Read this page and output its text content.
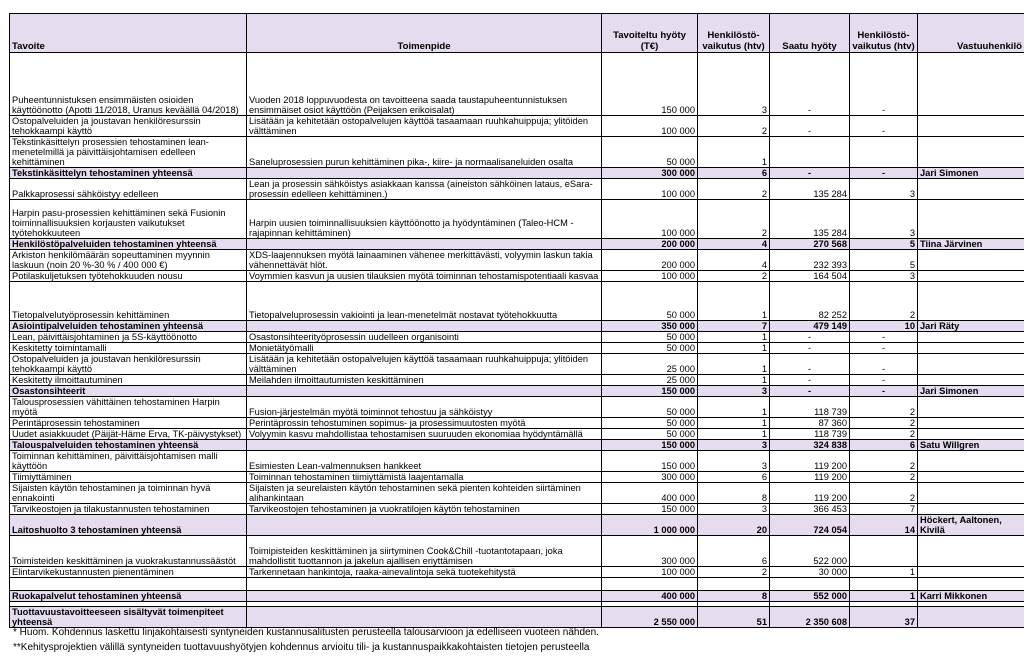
Tavoite	Toimenpide	Tavoiteltu hyöty (T€)	Henkilöstö-vaikutus (htv)	Saatu hyöty	Henkilöstö-vaikutus (htv)	Vastuuhenkilö
Puheentunnistuksen ensimmäisten osioiden käyttöönotto (Apotti 11/2018, Uranus keväällä 04/2018)	Vuoden 2018 loppuvuodesta on tavoitteena saada taustapuheentunnistuksen ensimmäiset osiot käyttöön (Peijaksen erikoisalat)	150 000	3	-	-	
Ostopalveluiden ja joustavan henkilöresurssin tehokkaampi käyttö	Lisätään ja kehitetään ostopalvelujen käyttöä tasaamaan ruuhkahuippuja; ylitöiden välttäminen	100 000	2	-	-	
Tekstinkäsittelyn prosessien tehostaminen lean-menetelmillä ja päivittäisjohtamisen edelleen kehittäminen	Saneluprosessien purun kehittäminen pika-, kiire- ja normaalisaneluiden osalta	50 000	1			
Tekstinkäsittelyn tehostaminen yhteensä		300 000	6	-	-	Jari Simonen
Palkkaprosessi sähköistyy edelleen	Lean ja prosessin sähköistys asiakkaan kanssa (aineiston sähköinen lataus, eSara-prosessin edelleen kehittäminen.)	100 000	2	135 284	3	
Harpin pasu-prosessien kehittäminen sekä Fusionin toiminnallisuuksien korjausten vaikutukset työtehokkuuteen	Harpin uusien toiminnallisuuksien käyttöönotto ja hyödyntäminen (Taleo-HCM -rajapinnan kehittäminen)	100 000	2	135 284	3	
Henkilöstöpalveluiden tehostaminen yhteensä		200 000	4	270 568	5	Tiina Järvinen
Arkiston henkilömäärän sopeuttaminen myynnin laskuun (noin 20 %-30 % / 400 000 €)	XDS-laajennuksen myötä lainaaminen vähenee merkittävästi, volyymin laskun takia vähennettävät hlöt.	200 000	4	232 393	5	
Potilaskuljetuksen työtehokkuuden nousu	Voymmien kasvun ja uusien tilauksien myötä toiminnan tehostamispotentiaali kasvaa	100 000	2	164 504	3	
Tietopalvelutyöprosessin kehittäminen	Tietopalveluprosessin vakiointi ja lean-menetelmät nostavat työtehokkuutta	50 000	1	82 252	2	
Asiointipalveluiden tehostaminen yhteensä		350 000	7	479 149	10	Jari Räty
Lean, päivittäisjohtaminen ja 5S-käyttöönotto	Osastonsihteerityöprosessin uudelleen organisointi	50 000	1	-	-	
Keskitetty toimintamalli	Monietätyömalli	50 000	1	-	-	
Ostopalveluiden ja joustavan henkilöresurssin tehokkaampi käyttö	Lisätään ja kehitetään ostopalvelujen käyttöä tasaamaan ruuhkahuippuja; ylitöiden välttäminen	25 000	1	-	-	
Keskitetty ilmoittautuminen	Meilahden ilmoittautumisten keskittäminen	25 000	1	-	-	
Osastonsihteerit		150 000	3	-	-	Jari Simonen
Talousprosessien vähittäinen tehostaminen Harpin myötä	Fusion-järjestelmän myötä toiminnot tehostuu ja sähköistyy	50 000	1	118 739	2	
Perintäprosessin tehostaminen	Perintäprossin tehostuminen sopimus- ja prosessimuutosten myötä	50 000	1	87 360	2	
Uudet asiakkuudet (Päijät-Häme Erva, TK-päivystykset)	Volyymin kasvu mahdollistaa tehostamisen suuruuden ekonomiaa hyödyntämällä	50 000	1	118 739	2	
Talouspalveluiden tehostaminen yhteensä		150 000	3	324 838	6	Satu Willgren
Toiminnan kehittäminen, päivittäisjohtamisen malli käyttöön	Esimiesten Lean-valmennuksen hankkeet	150 000	3	119 200	2	
Tiimiyttäminen	Toiminnan tehostaminen tiimiyttämistä laajentamalla	300 000	6	119 200	2	
Sijaisten käytön tehostaminen ja toiminnan hyvä ennakointi	Sijaisten ja seurelaisten käytön tehostaminen sekä pienten kohteiden siirtäminen alihankintaan	400 000	8	119 200	2	
Tarvikeostojen ja tilakustannusten tehostaminen	Tarvikeostojen tehostaminen ja vuokratilojen käytön tehostaminen	150 000	3	366 453	7	
Laitoshuolto 3 tehostaminen yhteensä		1 000 000	20	724 054	14	Höckert, Aaltonen, Kivilä
Toimisteiden keskittäminen ja vuokrakustannussäästöt	Toimipisteiden keskittäminen ja siirtyminen Cook&Chill -tuotantotapaan, joka mahdollistit tuottannon ja jakelun ajallisen eriyttämisen	300 000	6	522 000		
Elintarvikekustannusten pienentäminen	Tarkennetaan hankintoja, raaka-ainevalintoja sekä tuotekehitystä	100 000	2	30 000	1	

Ruokapalvelut tehostaminen yhteensä		400 000	8	552 000	1	Karri Mikkonen

Tuottavuustavoitteeseen sisältyvät toimenpiteet yhteensä		2 550 000	51	2 350 608	37	
* Huom. Kohdennus laskettu linjakohtaisesti syntyneiden kustannusalitusten perusteella talousarvioon ja edelliseen vuoteen nähden.
**Kehitysprojektien välillä syntyneiden tuottavuushyötyjen kohdennus arvioitu tili- ja kustannuspaikkakohtaisten tietojen perusteella
